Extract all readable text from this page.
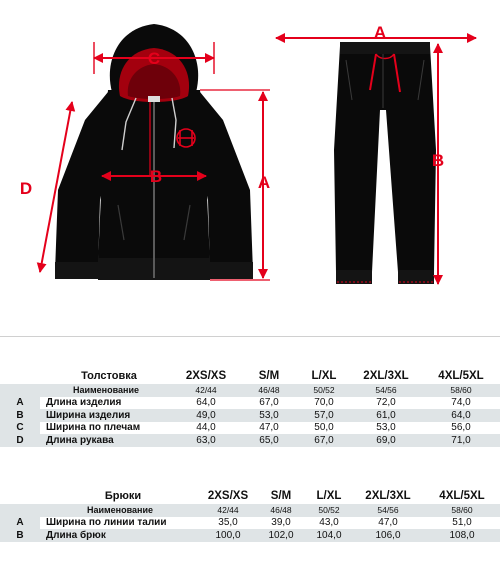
C
B	A
D
A
B
	Толстовка	2XS/XS	S/M	L/XL	2XL/3XL	4XL/5XL
	Наименование	42/44	46/48	50/52	54/56	58/60
A	Длина изделия	64,0	67,0	70,0	72,0	74,0
B	Ширина изделия	49,0	53,0	57,0	61,0	64,0
C	Ширина по плечам	44,0	47,0	50,0	53,0	56,0
D	Длина рукава	63,0	65,0	67,0	69,0	71,0
	Брюки	2XS/XS	S/M	L/XL	2XL/3XL	4XL/5XL
	Наименование	42/44	46/48	50/52	54/56	58/60
A	Ширина по линии талии	35,0	39,0	43,0	47,0	51,0
B	Длина брюк	100,0	102,0	104,0	106,0	108,0
